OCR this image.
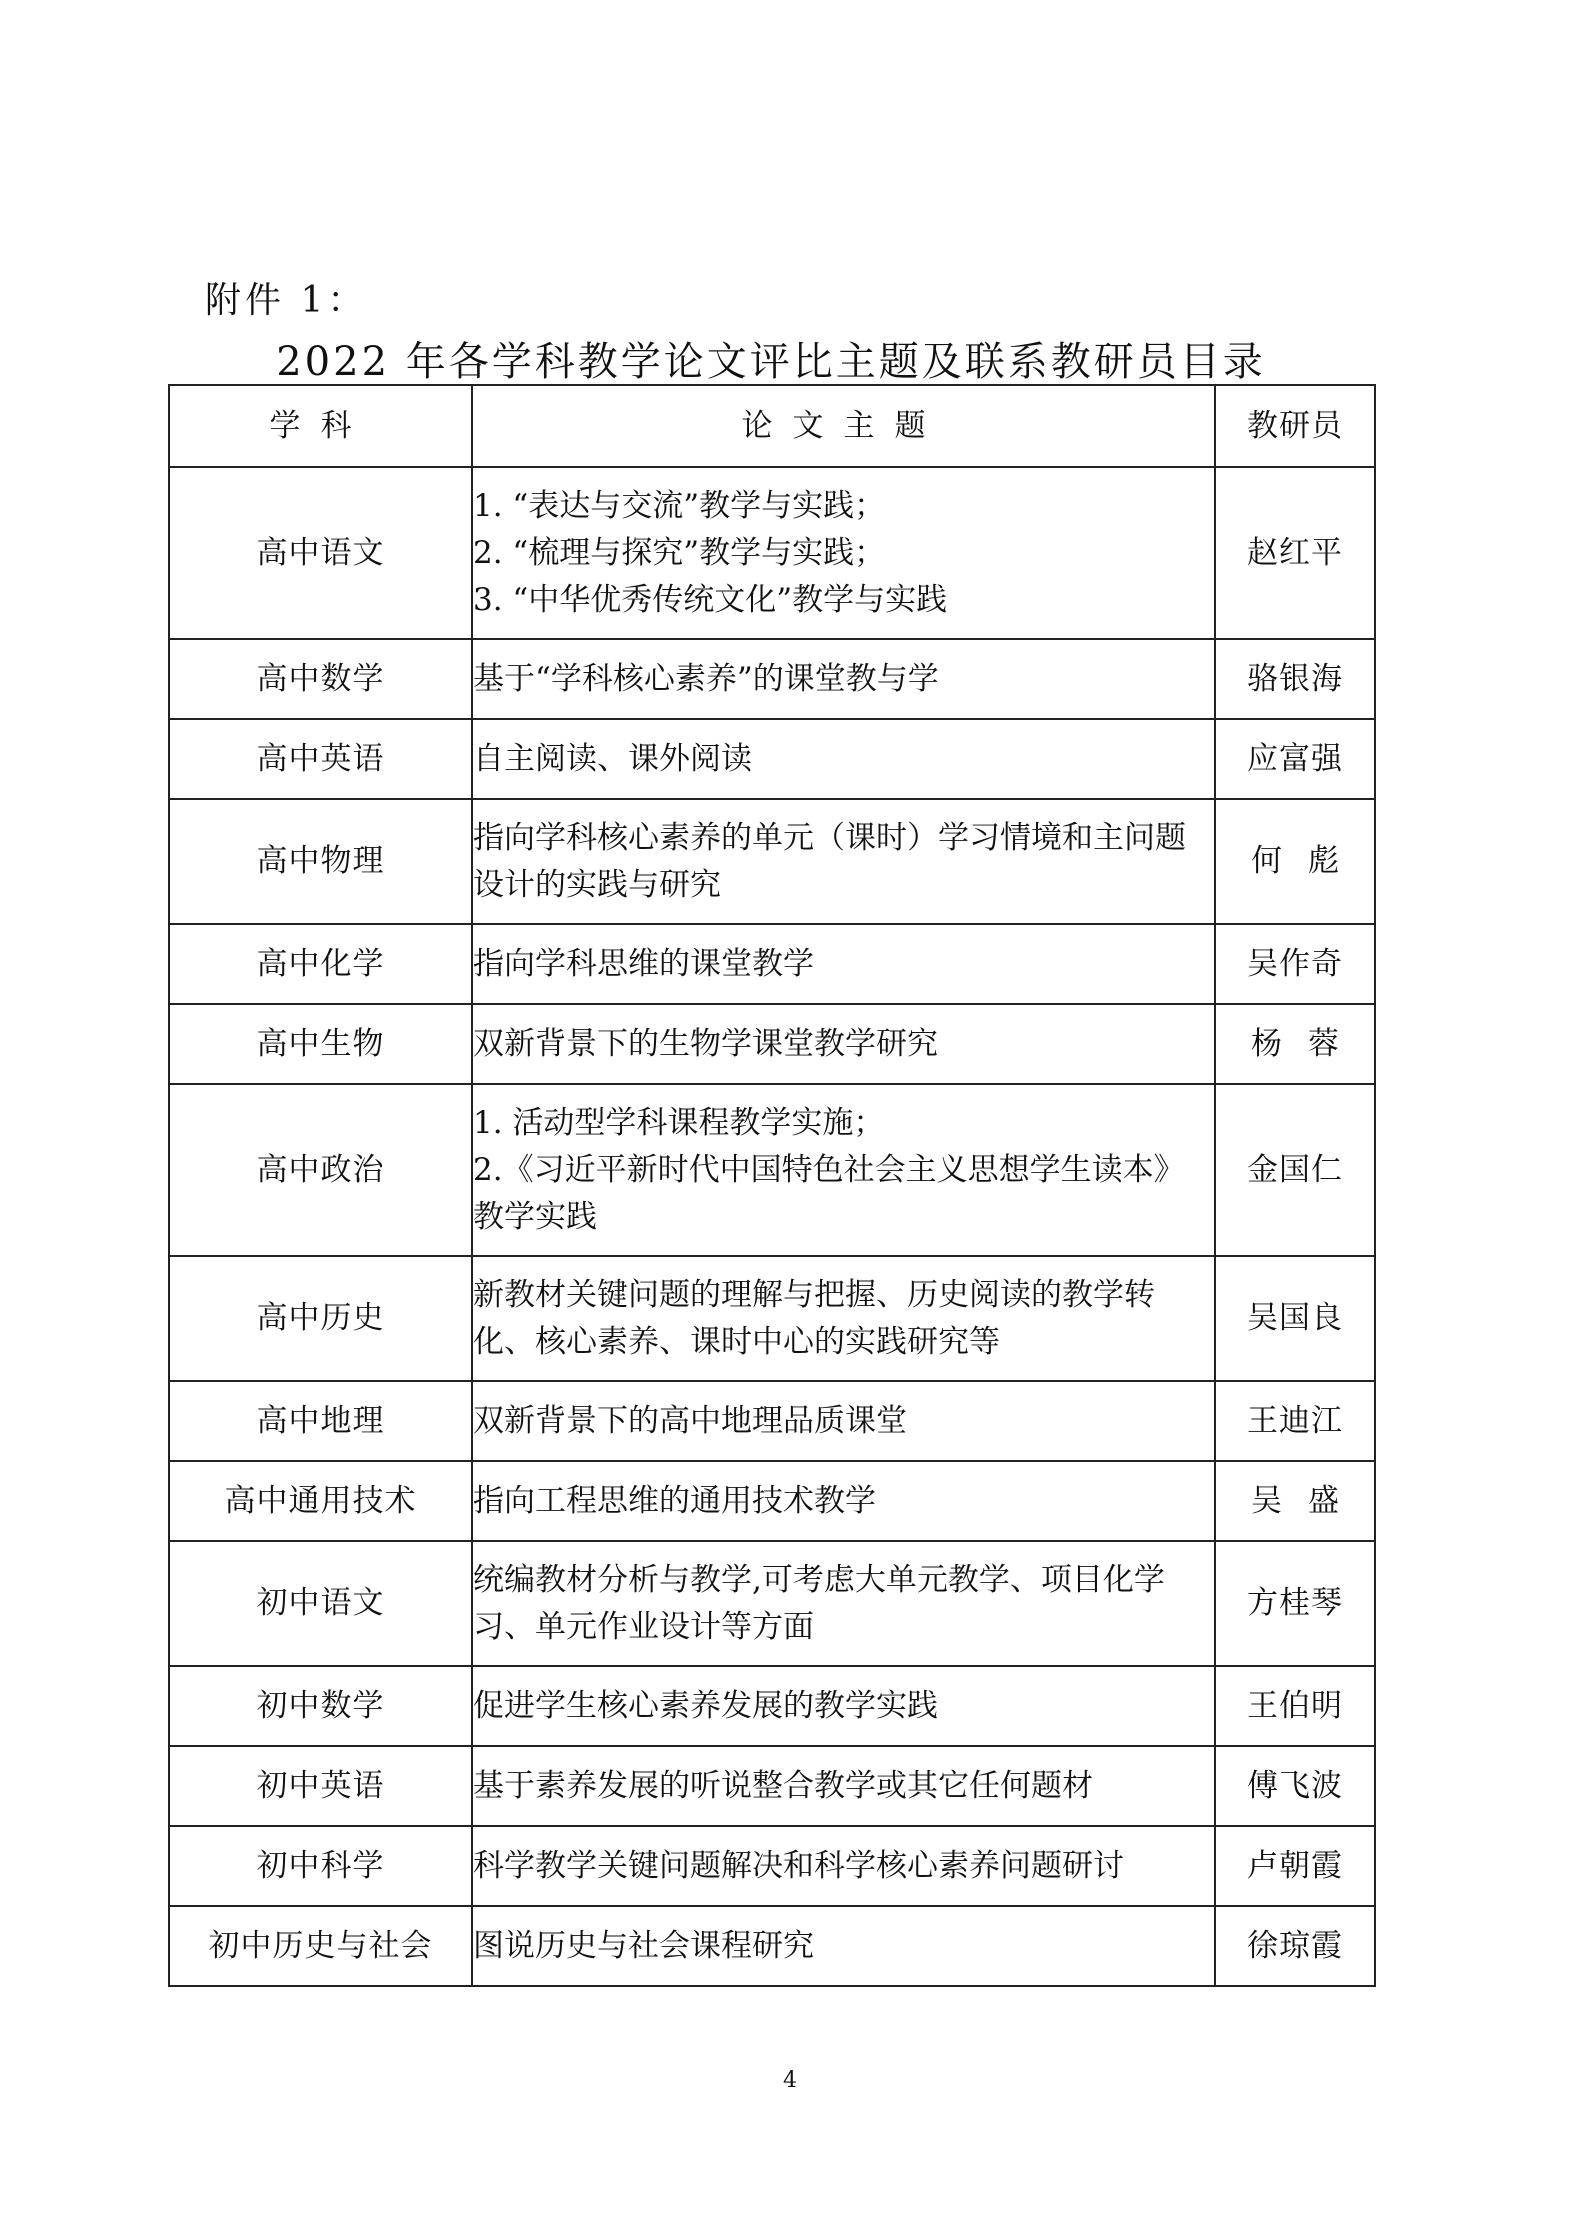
附件 1：
2022 年各学科教学论文评比主题及联系教研员目录
学科	论文主题	教研员
高中语文	1. “表达与交流”教学与实践；
2. “梳理与探究”教学与实践；
3. “中华优秀传统文化”教学与实践	赵红平
高中数学	基于“学科核心素养”的课堂教与学	骆银海
高中英语	自主阅读、课外阅读	应富强
高中物理	指向学科核心素养的单元（课时）学习情境和主问题
设计的实践与研究	何彪
高中化学	指向学科思维的课堂教学	吴作奇
高中生物	双新背景下的生物学课堂教学研究	杨蓉
高中政治	1. 活动型学科课程教学实施；
2.《习近平新时代中国特色社会主义思想学生读本》
教学实践	金国仁
高中历史	新教材关键问题的理解与把握、历史阅读的教学转
化、核心素养、课时中心的实践研究等	吴国良
高中地理	双新背景下的高中地理品质课堂	王迪江
高中通用技术	指向工程思维的通用技术教学	吴盛
初中语文	统编教材分析与教学,可考虑大单元教学、项目化学
习、单元作业设计等方面	方桂琴
初中数学	促进学生核心素养发展的教学实践	王伯明
初中英语	基于素养发展的听说整合教学或其它任何题材	傅飞波
初中科学	科学教学关键问题解决和科学核心素养问题研讨	卢朝霞
初中历史与社会	图说历史与社会课程研究	徐琼霞
4
